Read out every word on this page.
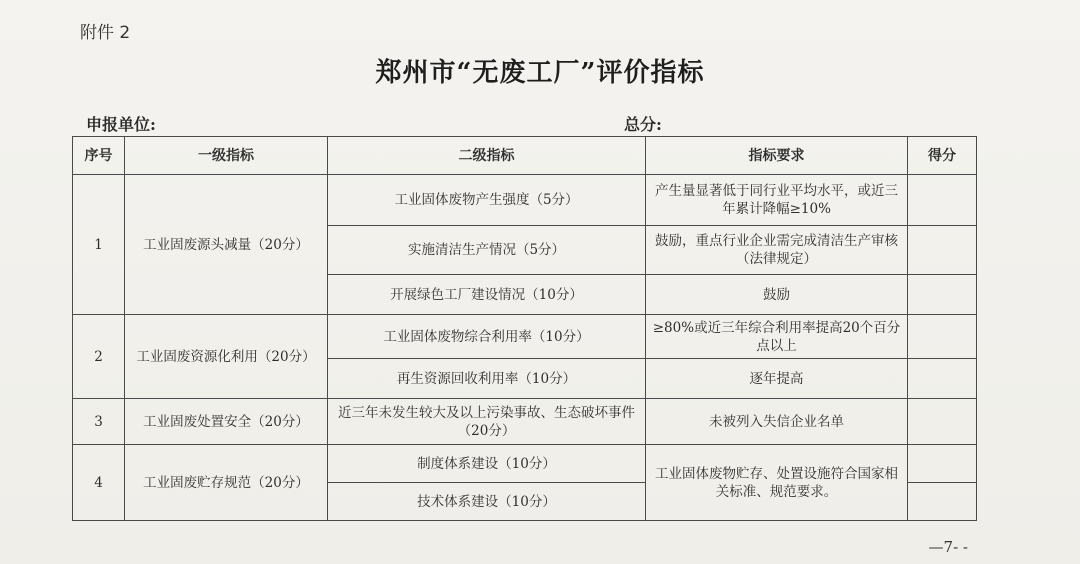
附件 2
郑州市“无废工厂”评价指标
申报单位:	总分:
序号	一级指标	二级指标	指标要求	得分
1	工业固废源头减量（20分）	工业固体废物产生强度（5分）	产生量显著低于同行业平均水平，或近三年累计降幅≥10%	
		实施清洁生产情况（5分）	鼓励，重点行业企业需完成清洁生产审核（法律规定）	
		开展绿色工厂建设情况（10分）	鼓励	
2	工业固废资源化利用（20分）	工业固体废物综合利用率（10分）	≥80%或近三年综合利用率提高20个百分点以上	
		再生资源回收利用率（10分）	逐年提高	
3	工业固废处置安全（20分）	近三年未发生较大及以上污染事故、生态破坏事件（20分）	未被列入失信企业名单	
4	工业固废贮存规范（20分）	制度体系建设（10分）	工业固体废物贮存、处置设施符合国家相关标准、规范要求。	
		技术体系建设（10分）		
—7- -
